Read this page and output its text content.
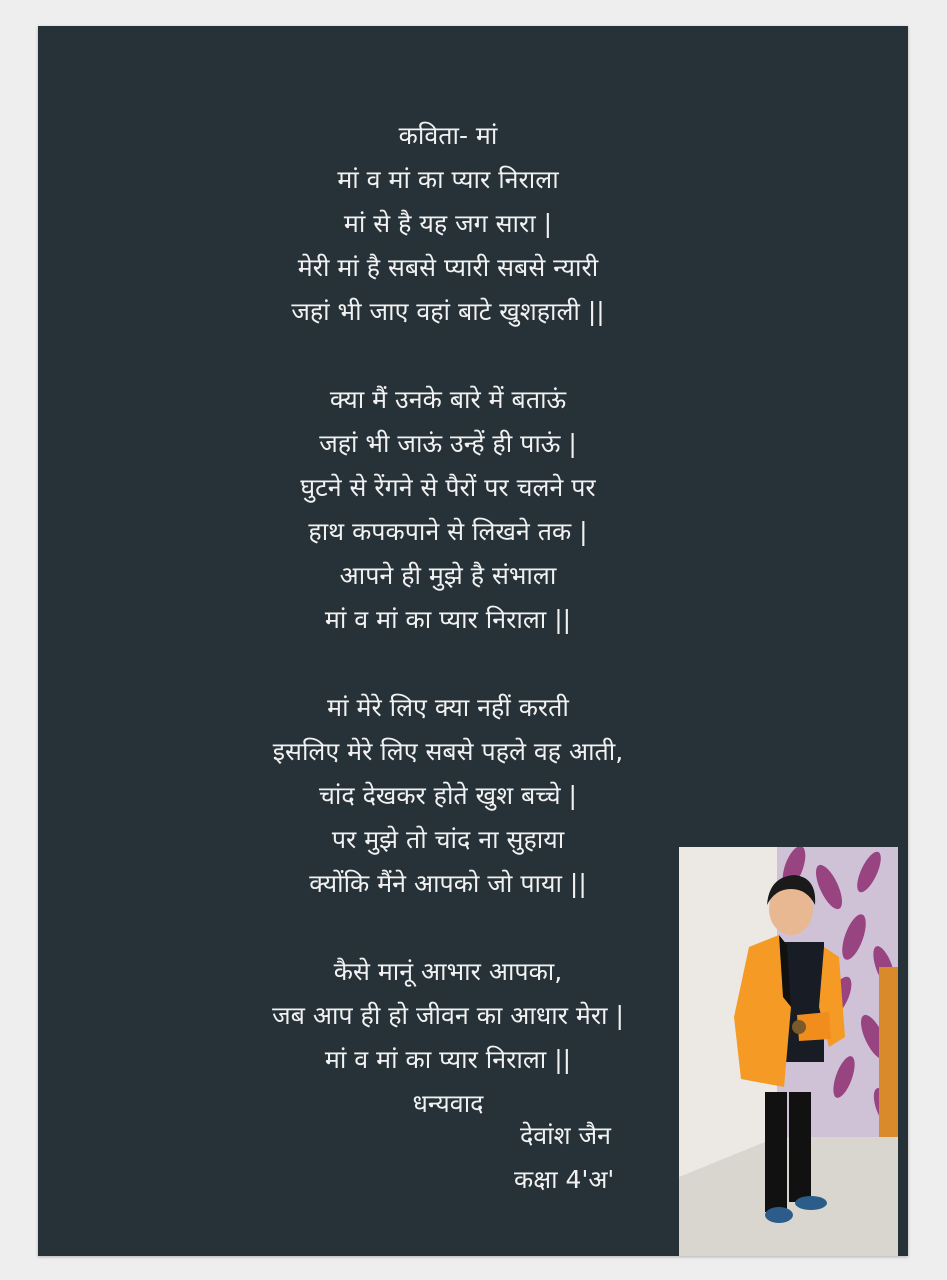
कविता- मां
मां व मां का प्यार निराला
मां से है यह जग सारा |
मेरी मां है सबसे प्यारी सबसे न्यारी
जहां भी जाए वहां बाटे खुशहाली ||
क्या मैं उनके बारे में बताऊं
जहां भी जाऊं उन्हें ही पाऊं |
घुटने से रेंगने से पैरों पर चलने पर
हाथ कपकपाने से लिखने तक |
आपने ही मुझे है संभाला
मां व मां का प्यार निराला ||
मां मेरे लिए क्या नहीं करती
इसलिए मेरे लिए सबसे पहले वह आती,
चांद देखकर होते खुश बच्चे |
पर मुझे तो चांद ना सुहाया
क्योंकि मैंने आपको जो पाया ||
कैसे मानूं आभार आपका,
जब आप ही हो जीवन का आधार मेरा |
मां व मां का प्यार निराला ||
धन्यवाद
देवांश जैन
कक्षा 4'अ'
